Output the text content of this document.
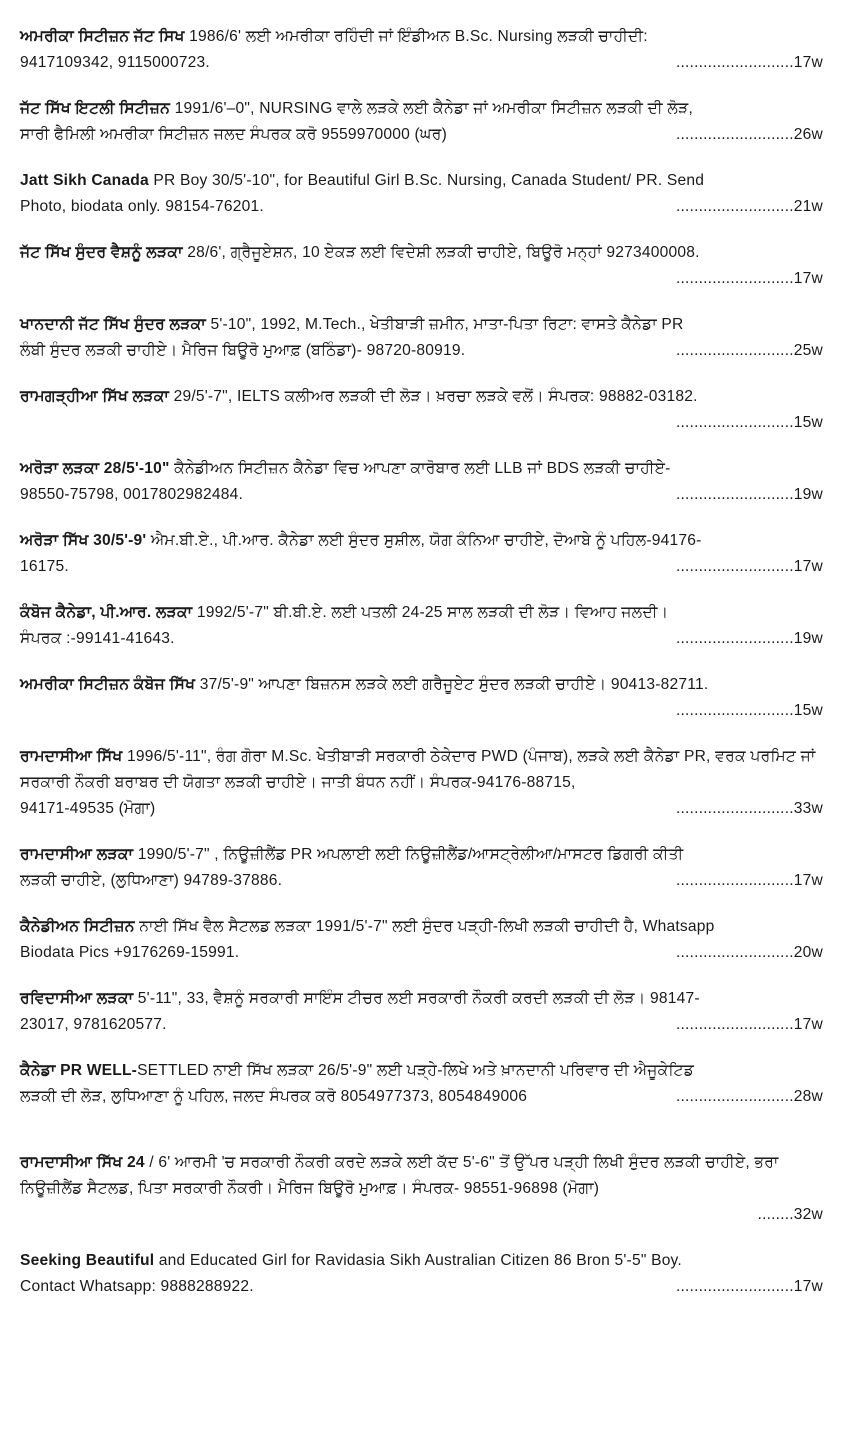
ਅਮਰੀਕਾ ਸਿਟੀਜ਼ਨ ਜੱਟ ਸਿਖ 1986/6' ਲਈ ਅਮਰੀਕਾ ਰਹਿੰਦੀ ਜਾਂ ਇੰਡੀਅਨ B.Sc. Nursing ਲੜਕੀ ਚਾਹੀਦੀ:
9417109342, 9115000723.	..........................17w
ਜੱਟ ਸਿੱਖ ਇਟਲੀ ਸਿਟੀਜ਼ਨ 1991/6'–0", NURSING ਵਾਲੇ ਲੜਕੇ ਲਈ ਕੈਨੇਡਾ ਜਾਂ ਅਮਰੀਕਾ ਸਿਟੀਜ਼ਨ ਲੜਕੀ ਦੀ ਲੋੜ,
ਸਾਰੀ ਫੈਮਿਲੀ ਅਮਰੀਕਾ ਸਿਟੀਜ਼ਨ ਜਲਦ ਸੰਪਰਕ ਕਰੋ 9559970000 (ਘਰ)	..........................26w
Jatt Sikh Canada PR Boy 30/5'-10", for Beautiful Girl B.Sc. Nursing, Canada Student/ PR. Send
Photo, biodata only. 98154-76201.	..........................21w
ਜੱਟ ਸਿੱਖ ਸੁੰਦਰ ਵੈਸ਼ਨੂੰ ਲੜਕਾ 28/6', ਗ੍ਰੈਜੂਏਸ਼ਨ, 10 ਏਕੜ ਲਈ ਵਿਦੇਸ਼ੀ ਲੜਕੀ ਚਾਹੀਏ, ਬਿਊਰੋ ਮਨ੍ਹਾਂ 9273400008.
..........................17w
ਖਾਨਦਾਨੀ ਜੱਟ ਸਿੱਖ ਸੁੰਦਰ ਲੜਕਾ 5'-10", 1992, M.Tech., ਖੇਤੀਬਾੜੀ ਜ਼ਮੀਨ, ਮਾਤਾ-ਪਿਤਾ ਰਿਟਾ: ਵਾਸਤੇ ਕੈਨੇਡਾ PR
ਲੰਬੀ ਸੁੰਦਰ ਲੜਕੀ ਚਾਹੀਏ। ਮੈਰਿਜ ਬਿਊਰੋ ਮੁਆਫ਼ (ਬਠਿੰਡਾ)- 98720-80919.	..........................25w
ਰਾਮਗੜ੍ਹੀਆ ਸਿੱਖ ਲੜਕਾ 29/5'-7", IELTS ਕਲੀਅਰ ਲੜਕੀ ਦੀ ਲੋੜ। ਖ਼ਰਚਾ ਲੜਕੇ ਵਲੋਂ। ਸੰਪਰਕ: 98882-03182.
..........................15w
ਅਰੋੜਾ ਲੜਕਾ 28/5'-10" ਕੈਨੇਡੀਅਨ ਸਿਟੀਜ਼ਨ ਕੈਨੇਡਾ ਵਿਚ ਆਪਣਾ ਕਾਰੋਬਾਰ ਲਈ LLB ਜਾਂ BDS ਲੜਕੀ ਚਾਹੀਏ-
98550-75798, 0017802982484.	..........................19w
ਅਰੋੜਾ ਸਿੱਖ 30/5'-9' ਐਮ.ਬੀ.ਏ., ਪੀ.ਆਰ. ਕੈਨੇਡਾ ਲਈ ਸੁੰਦਰ ਸੁਸ਼ੀਲ, ਯੋਗ ਕੰਨਿਆ ਚਾਹੀਏ, ਦੋਆਬੇ ਨੂੰ ਪਹਿਲ-94176-
16175.	..........................17w
ਕੰਬੋਜ ਕੈਨੇਡਾ, ਪੀ.ਆਰ. ਲੜਕਾ 1992/5'-7" ਬੀ.ਬੀ.ਏ. ਲਈ ਪਤਲੀ 24-25 ਸਾਲ ਲੜਕੀ ਦੀ ਲੋੜ। ਵਿਆਹ ਜਲਦੀ।
ਸੰਪਰਕ :-99141-41643.	..........................19w
ਅਮਰੀਕਾ ਸਿਟੀਜ਼ਨ ਕੰਬੋਜ ਸਿੱਖ 37/5'-9" ਆਪਣਾ ਬਿਜ਼ਨਸ ਲੜਕੇ ਲਈ ਗਰੈਜੂਏਟ ਸੁੰਦਰ ਲੜਕੀ ਚਾਹੀਏ। 90413-82711.
..........................15w
ਰਾਮਦਾਸੀਆ ਸਿੱਖ 1996/5'-11", ਰੰਗ ਗੋਰਾ M.Sc. ਖੇਤੀਬਾੜੀ ਸਰਕਾਰੀ ਠੇਕੇਦਾਰ PWD (ਪੰਜਾਬ), ਲੜਕੇ ਲਈ ਕੈਨੇਡਾ PR, ਵਰਕ ਪਰਮਿਟ ਜਾਂ ਸਰਕਾਰੀ ਨੌਕਰੀ ਬਰਾਬਰ ਦੀ ਯੋਗਤਾ ਲੜਕੀ ਚਾਹੀਏ। ਜਾਤੀ ਬੰਧਨ ਨਹੀਂ। ਸੰਪਰਕ-94176-88715,
94171-49535 (ਮੋਗਾ)	..........................33w
ਰਾਮਦਾਸੀਆ ਲੜਕਾ 1990/5'-7" , ਨਿਊਜ਼ੀਲੈਂਡ PR ਅਪਲਾਈ ਲਈ ਨਿਊਜ਼ੀਲੈਂਡ/ਆਸਟ੍ਰੇਲੀਆ/ਮਾਸਟਰ ਡਿਗਰੀ ਕੀਤੀ
ਲੜਕੀ ਚਾਹੀਏ, (ਲੁਧਿਆਣਾ) 94789-37886.	..........................17w
ਕੈਨੇਡੀਅਨ ਸਿਟੀਜ਼ਨ ਨਾਈ ਸਿੱਖ ਵੈਲ ਸੈਟਲਡ ਲੜਕਾ 1991/5'-7" ਲਈ ਸੁੰਦਰ ਪੜ੍ਹੀ-ਲਿਖੀ ਲੜਕੀ ਚਾਹੀਦੀ ਹੈ, Whatsapp
Biodata Pics +9176269-15991.	..........................20w
ਰਵਿਦਾਸੀਆ ਲੜਕਾ 5'-11", 33, ਵੈਸ਼ਨੂੰ ਸਰਕਾਰੀ ਸਾਇੰਸ ਟੀਚਰ ਲਈ ਸਰਕਾਰੀ ਨੌਕਰੀ ਕਰਦੀ ਲੜਕੀ ਦੀ ਲੋੜ। 98147-
23017, 9781620577.	..........................17w
ਕੈਨੇਡਾ PR WELL-SETTLED ਨਾਈ ਸਿੱਖ ਲੜਕਾ 26/5'-9" ਲਈ ਪੜ੍ਹੇ-ਲਿਖੇ ਅਤੇ ਖ਼ਾਨਦਾਨੀ ਪਰਿਵਾਰ ਦੀ ਐਜੂਕੇਟਿਡ
ਲੜਕੀ ਦੀ ਲੋੜ, ਲੁਧਿਆਣਾ ਨੂੰ ਪਹਿਲ, ਜਲਦ ਸੰਪਰਕ ਕਰੋ 8054977373, 8054849006	..........................28w
ਰਾਮਦਾਸੀਆ ਸਿੱਖ 24 / 6' ਆਰਮੀ 'ਚ ਸਰਕਾਰੀ ਨੌਕਰੀ ਕਰਦੇ ਲੜਕੇ ਲਈ ਕੱਦ 5'-6" ਤੋਂ ਉੱਪਰ ਪੜ੍ਹੀ ਲਿਖੀ ਸੁੰਦਰ ਲੜਕੀ ਚਾਹੀਏ, ਭਰਾ ਨਿਊਜ਼ੀਲੈਂਡ ਸੈਟਲਡ, ਪਿਤਾ ਸਰਕਾਰੀ ਨੌਕਰੀ। ਮੈਰਿਜ ਬਿਊਰੋ ਮੁਆਫ਼। ਸੰਪਰਕ- 98551-96898 (ਮੋਗਾ)
........32w
Seeking Beautiful and Educated Girl for Ravidasia Sikh Australian Citizen 86 Bron 5'-5" Boy.
Contact Whatsapp: 9888288922.	..........................17w
